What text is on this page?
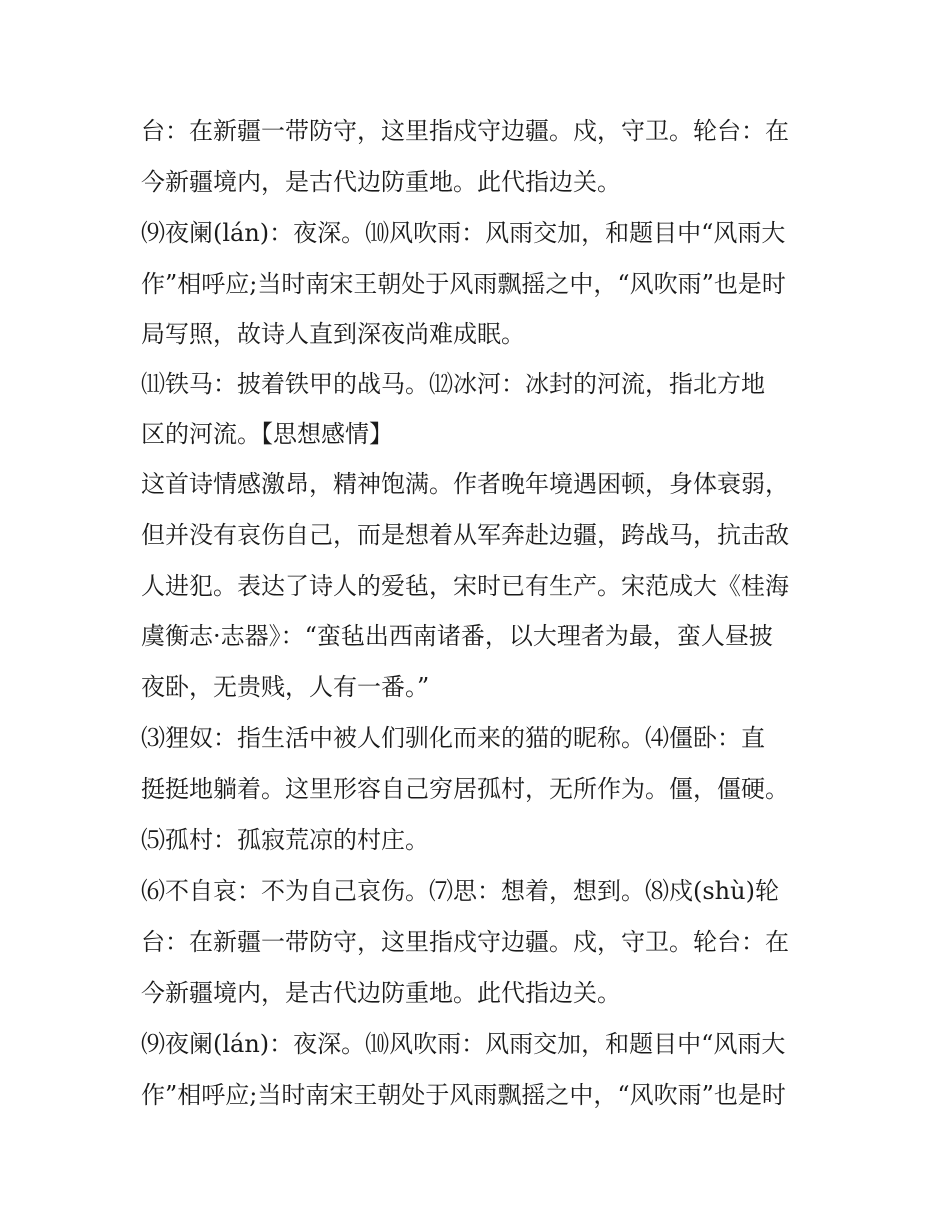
台：在新疆一带防守，这里指戍守边疆。戍，守卫。轮台：在
今新疆境内，是古代边防重地。此代指边关。
⑼夜阑(lán)：夜深。⑽风吹雨：风雨交加，和题目中“风雨大
作”相呼应;当时南宋王朝处于风雨飘摇之中，“风吹雨”也是时
局写照，故诗人直到深夜尚难成眠。
⑾铁马：披着铁甲的战马。⑿冰河：冰封的河流，指北方地
区的河流。【思想感情】
这首诗情感激昂，精神饱满。作者晚年境遇困顿，身体衰弱，
但并没有哀伤自己，而是想着从军奔赴边疆，跨战马，抗击敌
人进犯。表达了诗人的爱毡，宋时已有生产。宋范成大《桂海
虞衡志·志器》：“蛮毡出西南诸番，以大理者为最，蛮人昼披
夜卧，无贵贱，人有一番。”
⑶狸奴：指生活中被人们驯化而来的猫的昵称。⑷僵卧：直
挺挺地躺着。这里形容自己穷居孤村，无所作为。僵，僵硬。
⑸孤村：孤寂荒凉的村庄。
⑹不自哀：不为自己哀伤。⑺思：想着，想到。⑻戍(shù)轮
台：在新疆一带防守，这里指戍守边疆。戍，守卫。轮台：在
今新疆境内，是古代边防重地。此代指边关。
⑼夜阑(lán)：夜深。⑽风吹雨：风雨交加，和题目中“风雨大
作”相呼应;当时南宋王朝处于风雨飘摇之中，“风吹雨”也是时
